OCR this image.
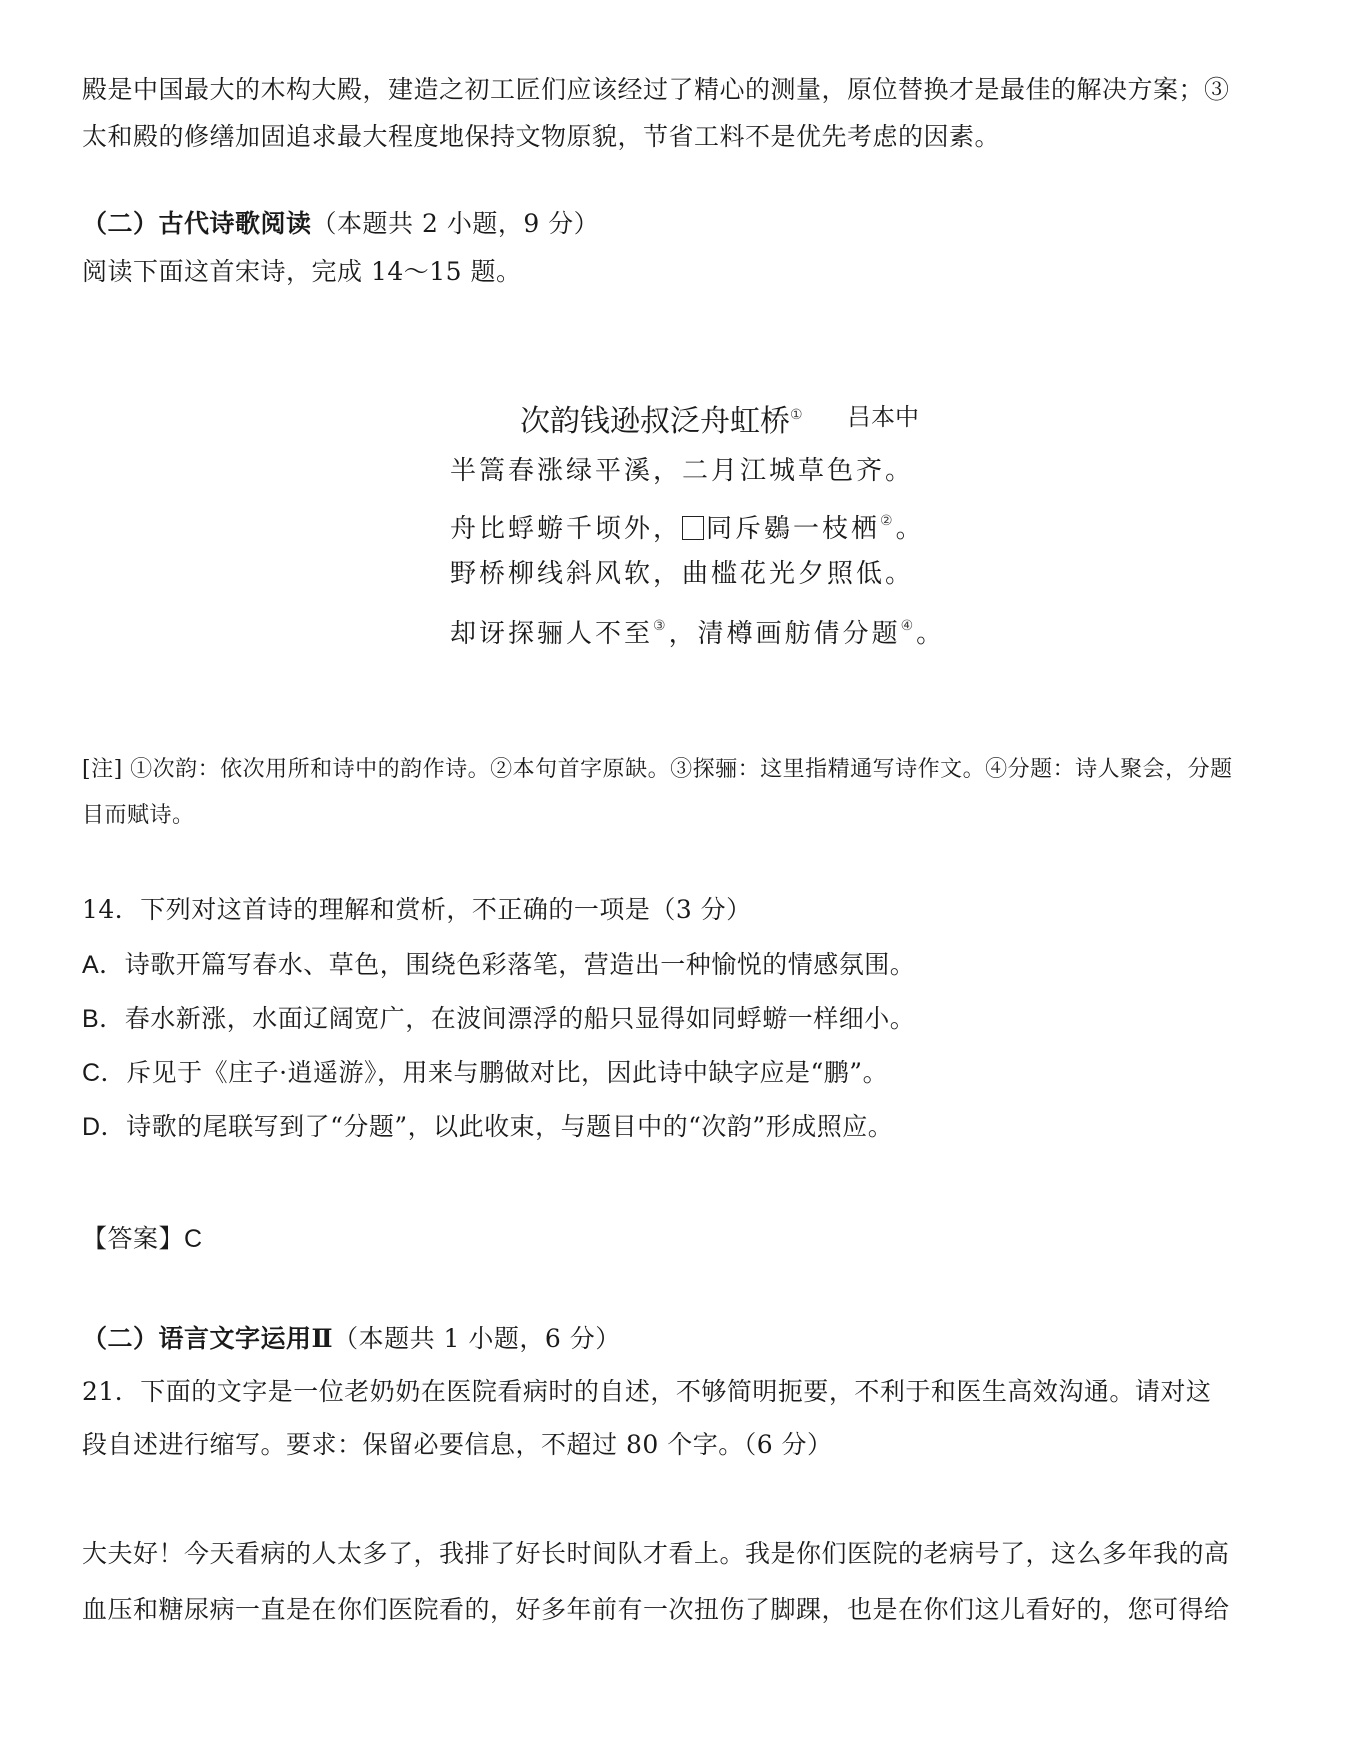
殿是中国最大的木构大殿，建造之初工匠们应该经过了精心的测量，原位替换才是最佳的解决方案；③
太和殿的修缮加固追求最大程度地保持文物原貌，节省工料不是优先考虑的因素。
（二）古代诗歌阅读（本题共 2 小题，9 分）
阅读下面这首宋诗，完成 14～15 题。
次韵钱逊叔泛舟虹桥① 吕本中
半篙春涨绿平溪，二月江城草色齐。
舟比蜉蝣千顷外， 同斥鷃一枝栖②。
野桥柳线斜风软，曲槛花光夕照低。
却讶探骊人不至③，清樽画舫倩分题④。
[注] ①次韵：依次用所和诗中的韵作诗。②本句首字原缺。③探骊：这里指精通写诗作文。④分题：诗人聚会，分题
目而赋诗。
14．下列对这首诗的理解和赏析，不正确的一项是（3 分）
A．诗歌开篇写春水、草色，围绕色彩落笔，营造出一种愉悦的情感氛围。
B．春水新涨，水面辽阔宽广，在波间漂浮的船只显得如同蜉蝣一样细小。
C．斥见于《庄子·逍遥游》，用来与鹏做对比，因此诗中缺字应是“鹏”。
D．诗歌的尾联写到了“分题”，以此收束，与题目中的“次韵”形成照应。
【答案】C
（二）语言文字运用Ⅱ（本题共 1 小题，6 分）
21．下面的文字是一位老奶奶在医院看病时的自述，不够简明扼要，不利于和医生高效沟通。请对这
段自述进行缩写。要求：保留必要信息，不超过 80 个字。（6 分）
大夫好！今天看病的人太多了，我排了好长时间队才看上。我是你们医院的老病号了，这么多年我的高
血压和糖尿病一直是在你们医院看的，好多年前有一次扭伤了脚踝，也是在你们这儿看好的，您可得给
